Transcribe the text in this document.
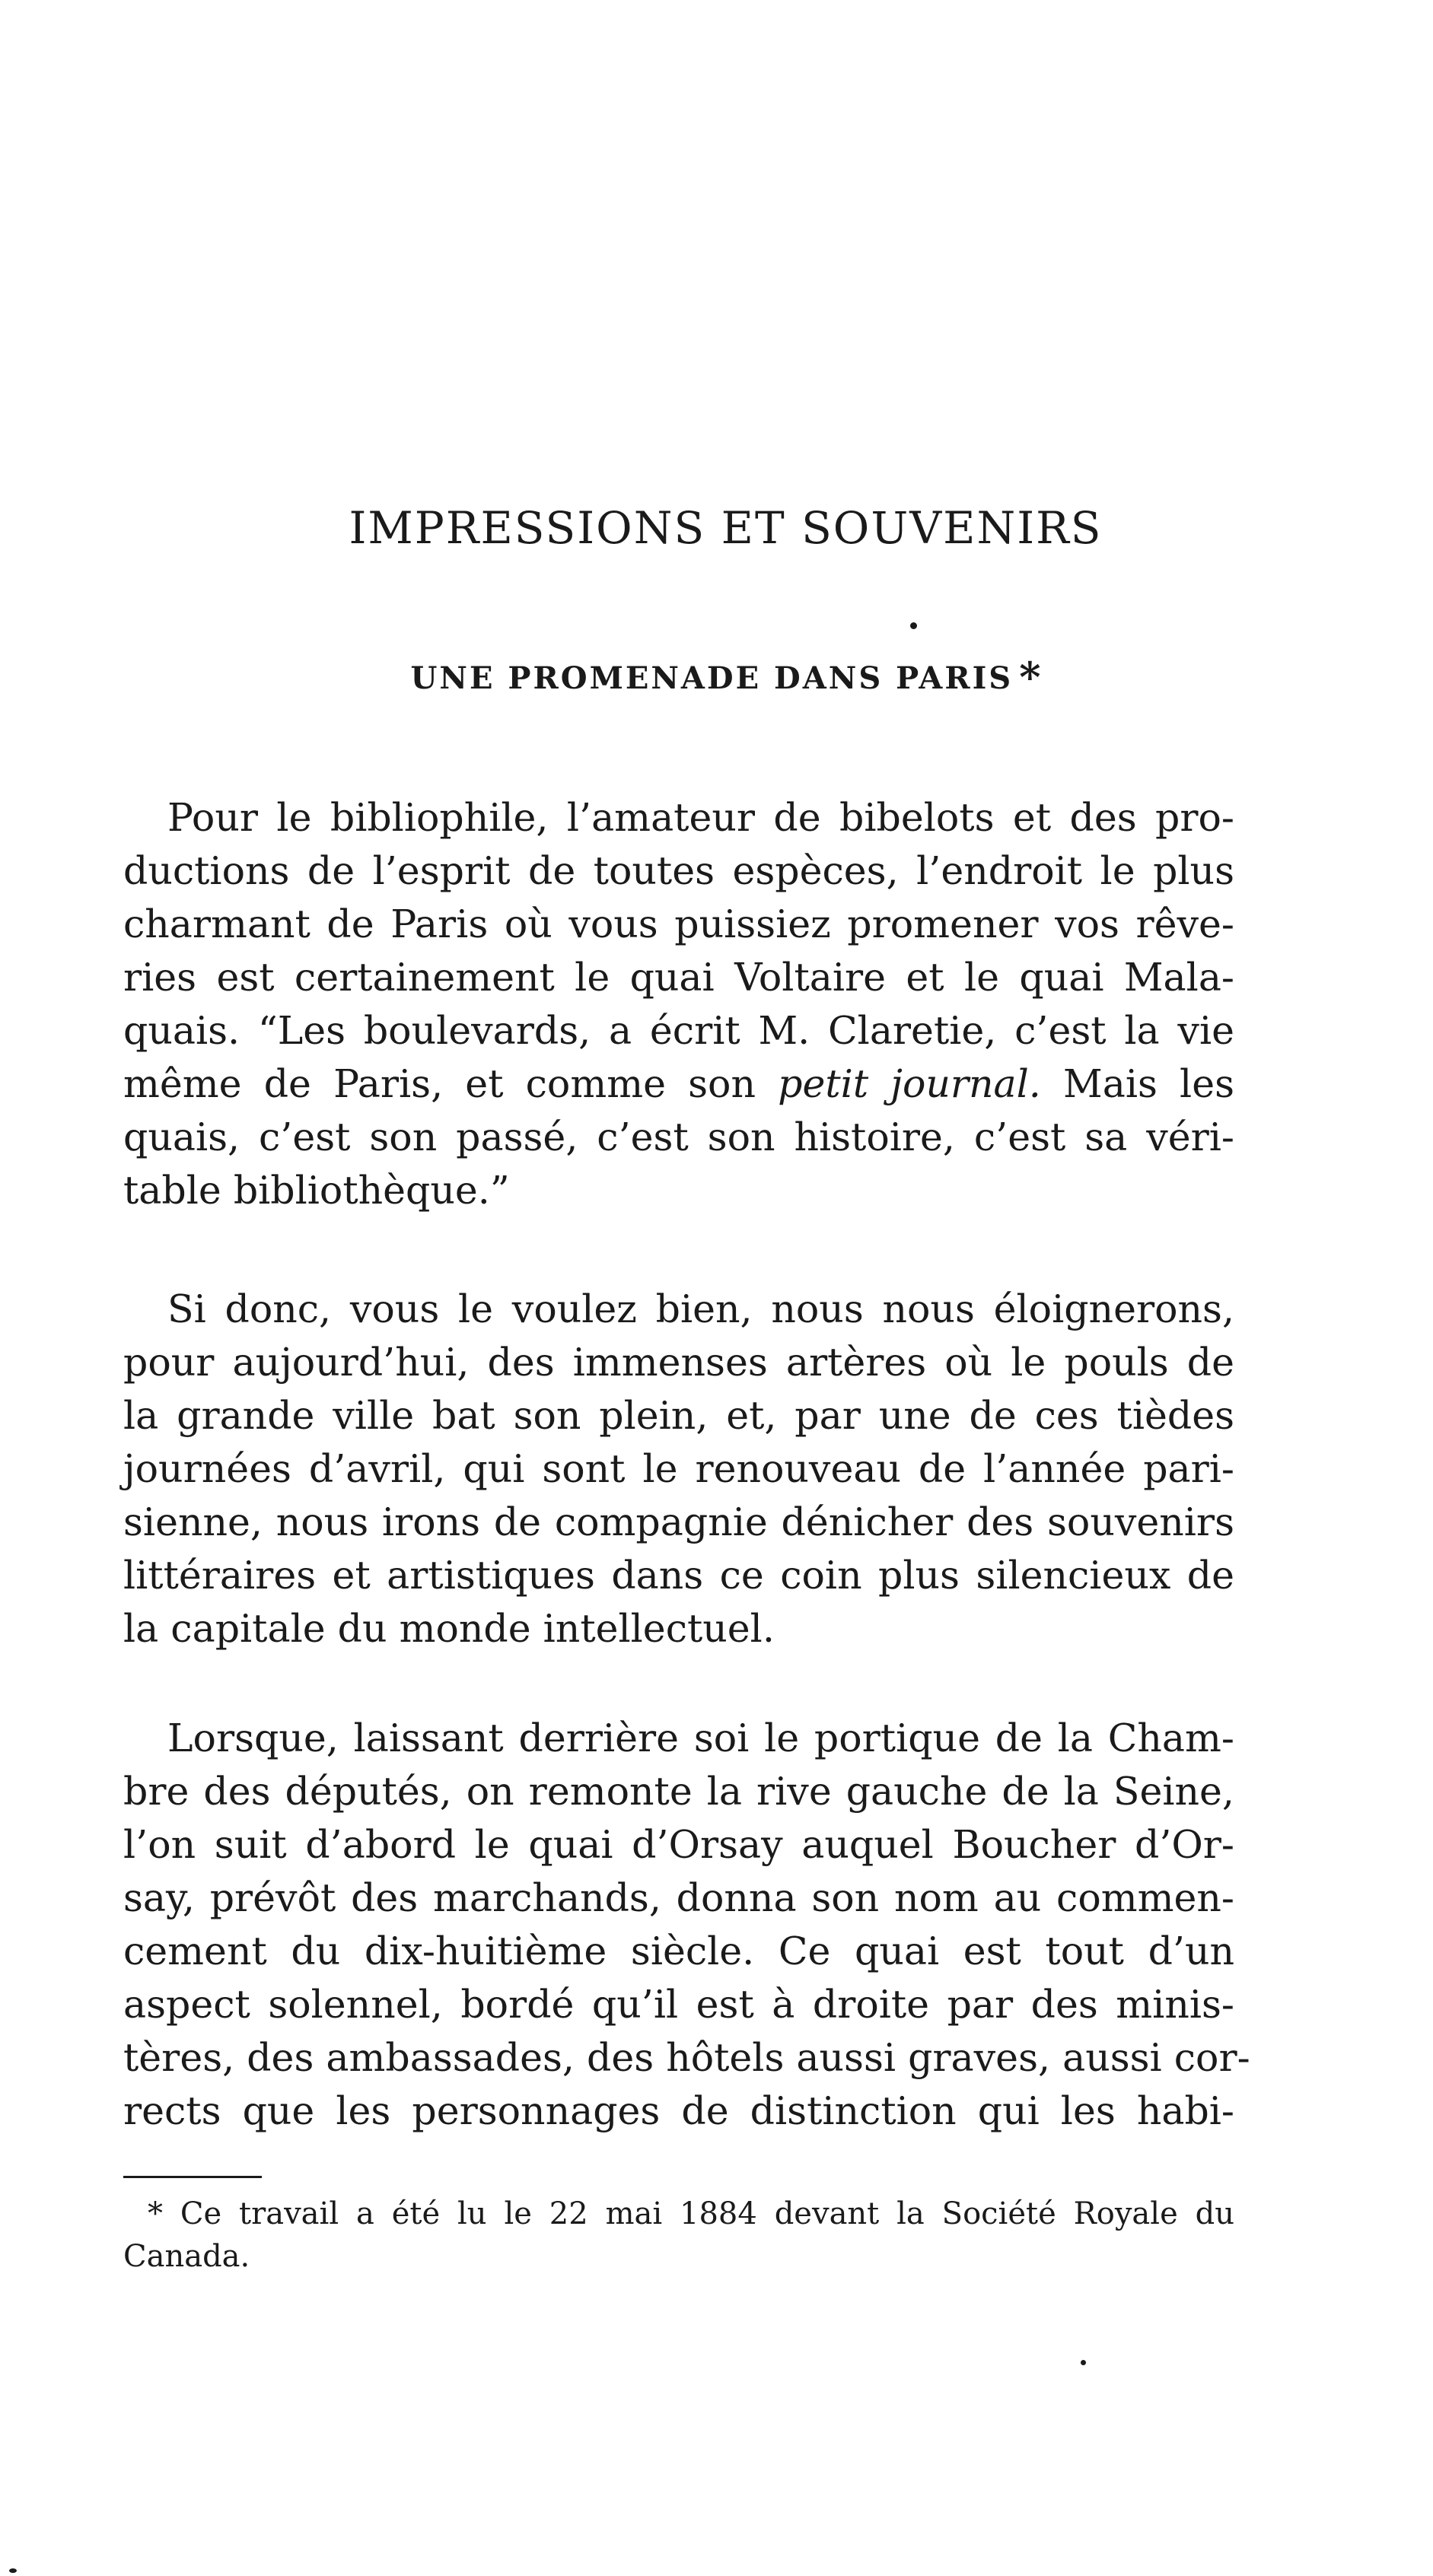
IMPRESSIONS ET SOUVENIRS
UNE PROMENADE DANS PARIS *

Pour le bibliophile, l’amateur de bibelots et des pro-
ductions de l’esprit de toutes espèces, l’endroit le plus
charmant de Paris où vous puissiez promener vos rêve-
ries est certainement le quai Voltaire et le quai Mala-
quais. “Les boulevards, a écrit M. Claretie, c’est la vie
même de Paris, et comme son petit journal. Mais les
quais, c’est son passé, c’est son histoire, c’est sa véri-
table bibliothèque.”

Si donc, vous le voulez bien, nous nous éloignerons,
pour aujourd’hui, des immenses artères où le pouls de
la grande ville bat son plein, et, par une de ces tièdes
journées d’avril, qui sont le renouveau de l’année pari-
sienne, nous irons de compagnie dénicher des souvenirs
littéraires et artistiques dans ce coin plus silencieux de
la capitale du monde intellectuel.

Lorsque, laissant derrière soi le portique de la Cham-
bre des députés, on remonte la rive gauche de la Seine,
l’on suit d’abord le quai d’Orsay auquel Boucher d’Or-
say, prévôt des marchands, donna son nom au commen-
cement du dix-huitième siècle. Ce quai est tout d’un
aspect solennel, bordé qu’il est à droite par des minis-
tères, des ambassades, des hôtels aussi graves, aussi cor-
rects que les personnages de distinction qui les habi-

* Ce travail a été lu le 22 mai 1884 devant la Société Royale du
Canada.
